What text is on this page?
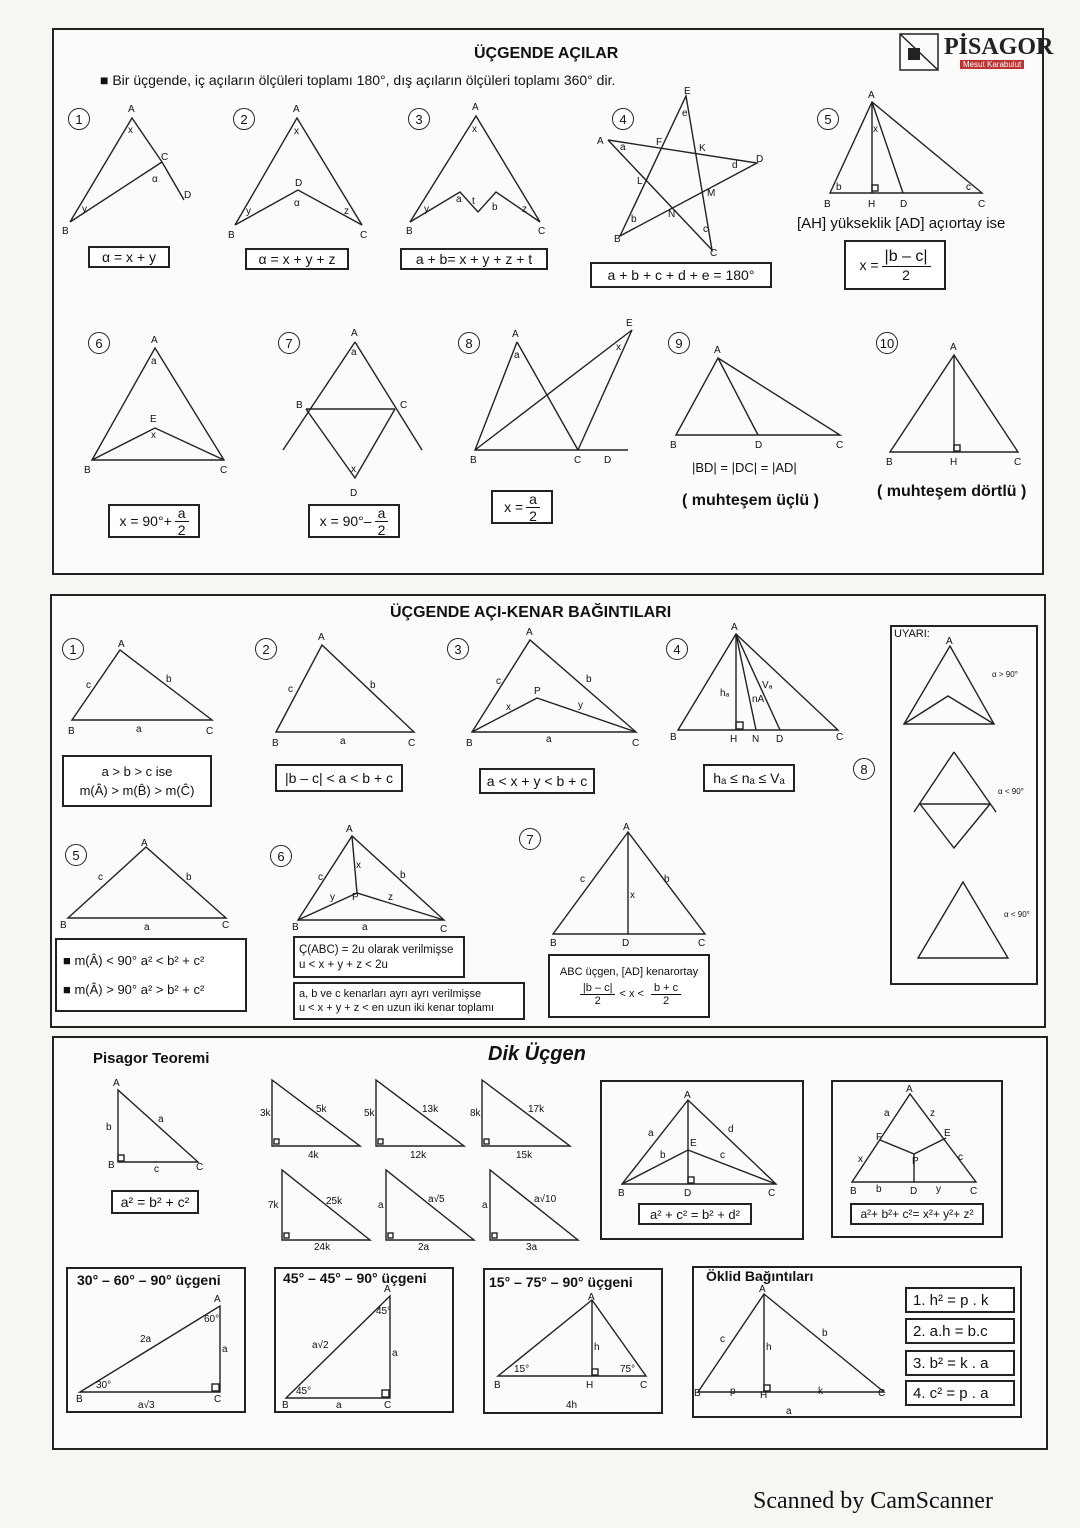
ÜÇGENDE AÇILAR
■ Bir üçgende, iç açıların ölçüleri toplamı 180°, dış açıların ölçüleri toplamı 360° dir.
PİSAGOR
Mesut Karabulut
1	2	3	4	5
6	7	8	9	10
A
B
C
D
x
y
α
A
B	C
D
x
y	z
α
A
B	C
x
y	z
t
a
b
E
A
D
B
C
F
K
L
M
N
e
a
d
b
c
A
B	H D	C
x
b	c
A
B	C
E
x
a
A
B	C
D
a
x
A
B	C D
E
a
x	A
B	D	C
A
B	H	C
α = x + y	α = x + y + z	a + b= x + y + z + t
a + b + c + d + e = 180°
[AH] yükseklik [AD] açıortay ise
$x = \frac{|b - c|}{2}$
$x = 90^\circ+ \frac{a}{2}$	$x = 90^\circ- \frac{a}{2}$	$x = \frac{a}{2}$
|BD| = |DC| = |AD|
( muhteşem üçlü )
( muhteşem dörtlü )
ÜÇGENDE AÇI-KENAR BAĞINTILARI
UYARI:
1	2	3	4
5	6
7
8
A
B	C
c
b
a
A
B	C
c	b
a
A
B	C
P
x	y
c	b
a
A
B	H N D	C
hₐ
nA
Vₐ
A
B	C
c	b
a
A
B	C
P
x
y	z
c	b
a
A
B	D	C
x
c	b
A
α > 90°
α < 90°
α < 90°
a > b > c ise
m(Â) > m(B̂) > m(Ĉ)
|b – c| < a < b + c	a < x + y < b + c	hₐ ≤ nₐ ≤ Vₐ
■ m(Â) < 90° a² < b² + c²
■ m(Â) > 90° a² > b² + c²
Ç(ABC) = 2u olarak verilmişse
u < x + y + z < 2u
a, b ve c kenarları ayrı ayrı verilmişse
u < x + y + z < en uzun iki kenar toplamı
ABC üçgen, [AD] kenarortay
$\frac{|b - c|}{2} < x < \frac{b + c}{2}$
Pisagor Teoremi	Dik Üçgen
A
B	C
b
a
c
3k	5k
4k
5k	13k
12k
8k	17k
15k
7k	25k
24k
a
a√5
2a
a
a√10
3a
a² = b² + c²
A
B	D	C
E
a	d
b	c
A
B	D	C
P
F	E
a	z
x	c
b	y
a² + c² = b² + d²	a²+ b²+ c²= x²+ y²+ z²
30° – 60° – 90° üçgeni	45° – 45° – 90° üçgeni	15° – 75° – 90° üçgeni	Öklid Bağıntıları
A
B	C
2a
a
a√3
30°
60°
A
B	C
a√2
a
a
45°
45°
A
B	H	C
h
15°	75°
4h
A
B	H	C
h
c
b
p	k
a
1. h² = p . k
2. a.h = b.c
3. b² = k . a
4. c² = p . a
Scanned by CamScanner
